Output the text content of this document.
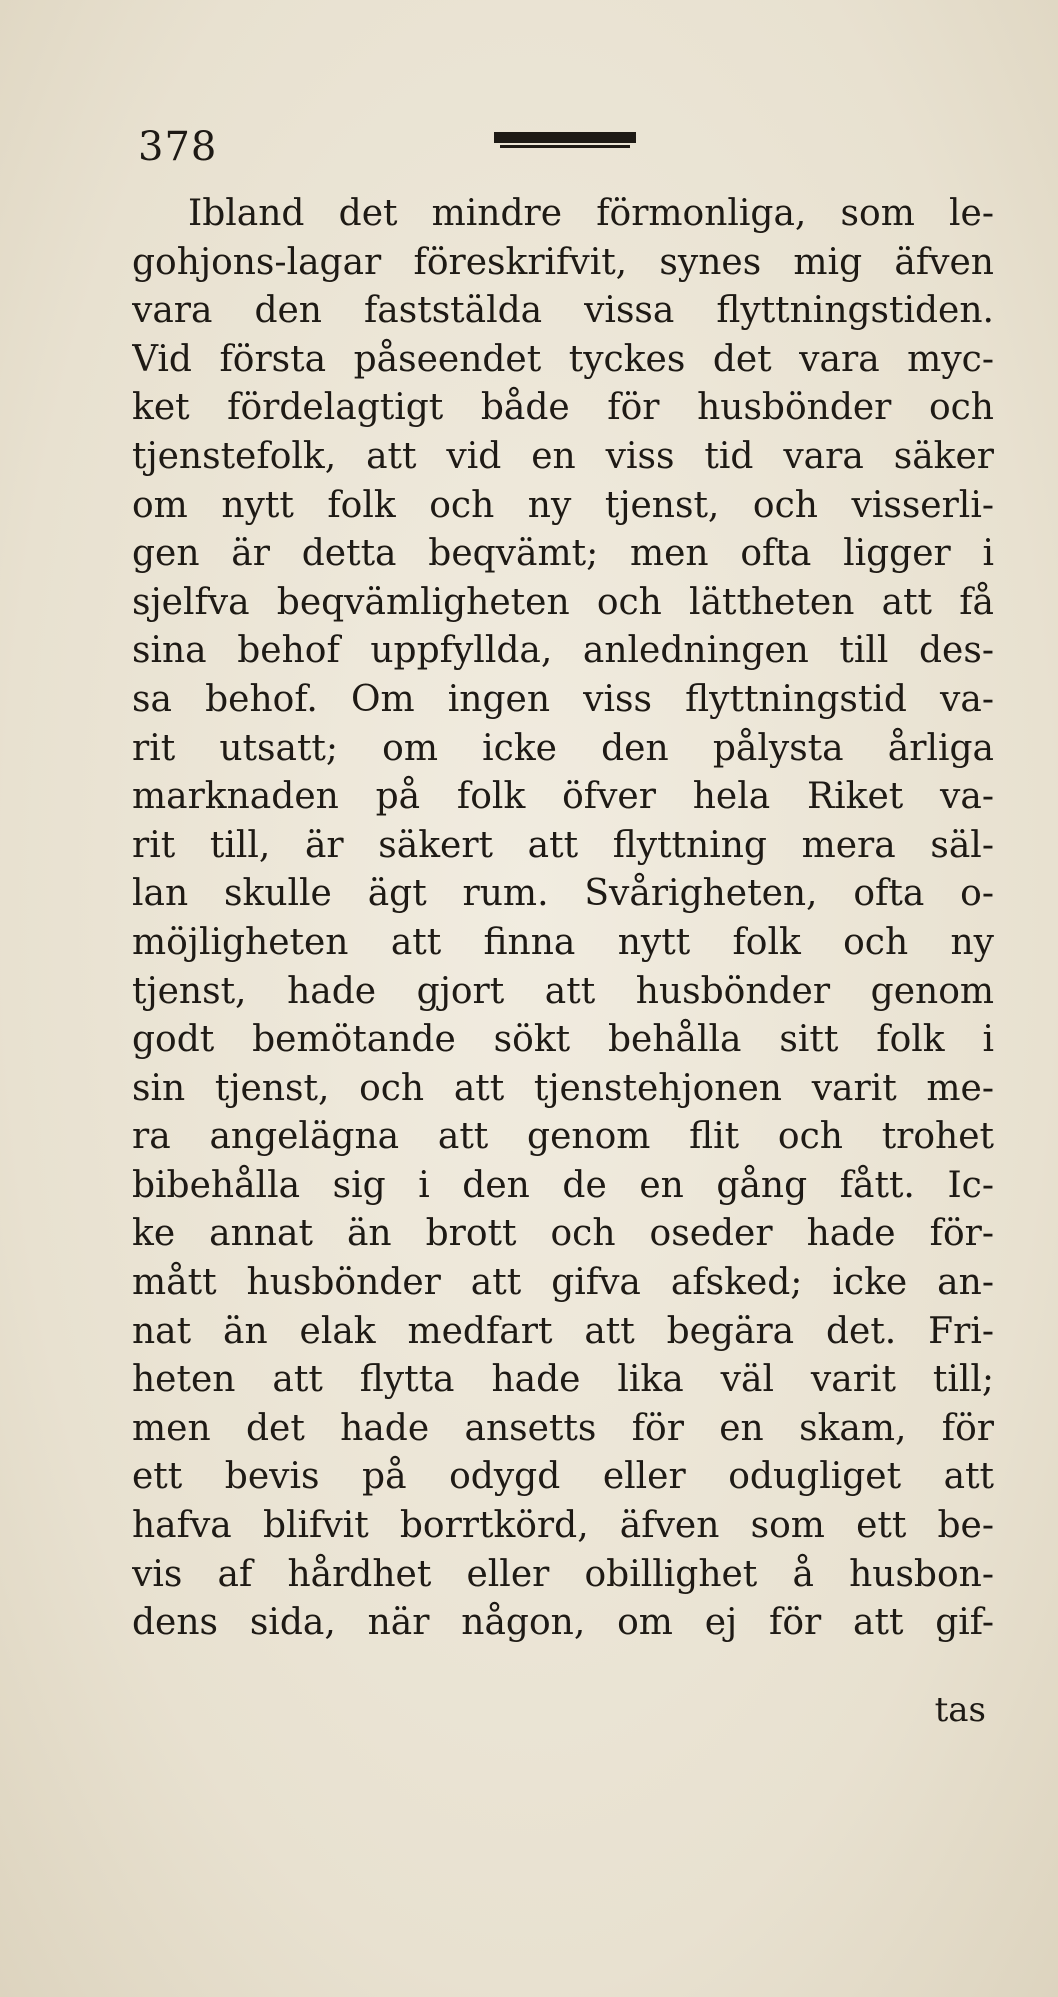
378
Ibland det mindre förmonliga, som le-
gohjons-lagar föreskrifvit, synes mig äfven
vara den faststälda vissa flyttningstiden.
Vid första påseendet tyckes det vara myc-
ket fördelagtigt både för husbönder och
tjenstefolk, att vid en viss tid vara säker
om nytt folk och ny tjenst, och visserli-
gen är detta beqvämt; men ofta ligger i
sjelfva beqvämligheten och lättheten att få
sina behof uppfyllda, anledningen till des-
sa behof. Om ingen viss flyttningstid va-
rit utsatt; om icke den pålysta årliga
marknaden på folk öfver hela Riket va-
rit till, är säkert att flyttning mera säl-
lan skulle ägt rum. Svårigheten, ofta o-
möjligheten att finna nytt folk och ny
tjenst, hade gjort att husbönder genom
godt bemötande sökt behålla sitt folk i
sin tjenst, och att tjenstehjonen varit me-
ra angelägna att genom flit och trohet
bibehålla sig i den de en gång fått. Ic-
ke annat än brott och oseder hade för-
mått husbönder att gifva afsked; icke an-
nat än elak medfart att begära det. Fri-
heten att flytta hade lika väl varit till;
men det hade ansetts för en skam, för
ett bevis på odygd eller odugliget att
hafva blifvit borrtkörd, äfven som ett be-
vis af hårdhet eller obillighet å husbon-
dens sida, när någon, om ej för att gif-
tas
